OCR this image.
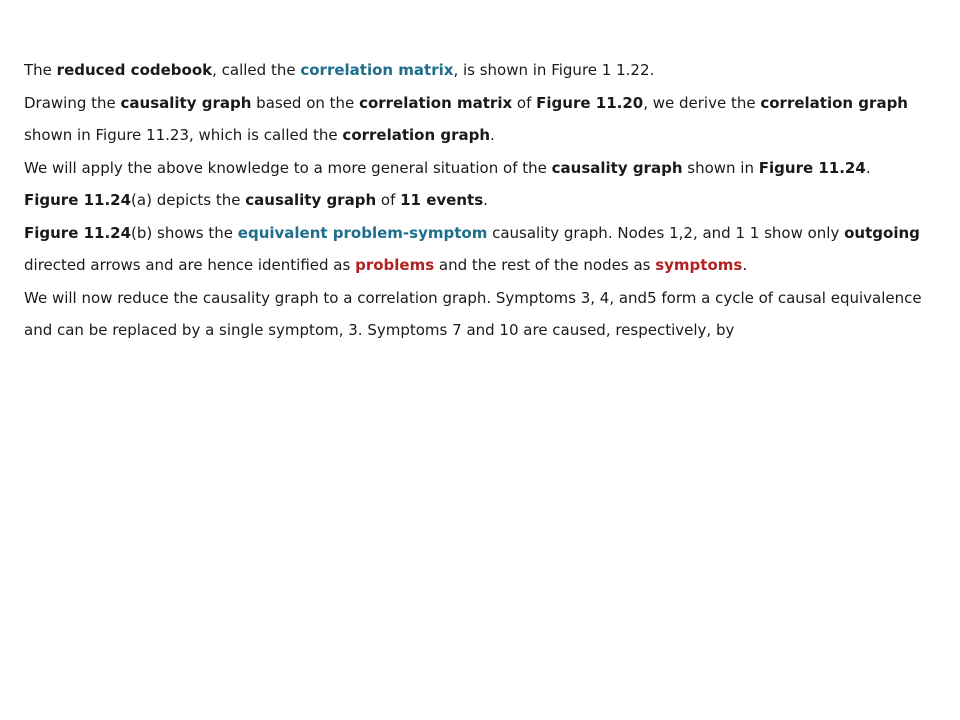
The reduced codebook, called the correlation matrix, is shown in Figure 1 1.22.

Drawing the causality graph based on the correlation matrix of Figure 11.20, we derive the correlation graph shown in Figure 11.23, which is called the correlation graph.

We will apply the above knowledge to a more general situation of the causality graph shown in Figure 11.24.

Figure 11.24(a) depicts the causality graph of 11 events.

Figure 11.24(b) shows the equivalent problem-symptom causality graph. Nodes 1,2, and 1 1 show only outgoing directed arrows and are hence identified as problems and the rest of the nodes as symptoms.

We will now reduce the causality graph to a correlation graph. Symptoms 3, 4, and5 form a cycle of causal equivalence and can be replaced by a single symptom, 3. Symptoms 7 and 10 are caused, respectively, by
